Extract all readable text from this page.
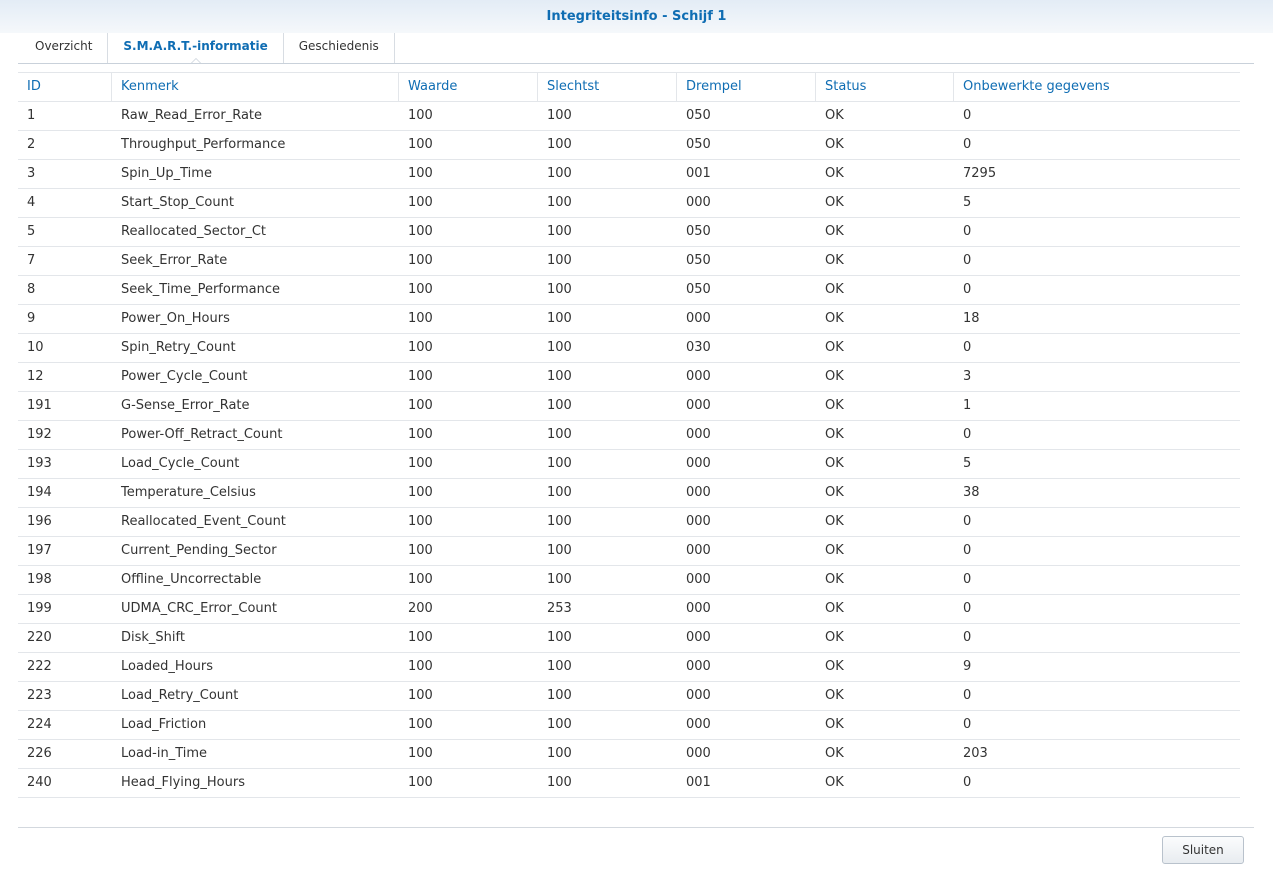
Integriteitsinfo - Schijf 1
Overzicht	S.M.A.R.T.-informatie	Geschiedenis
ID	Kenmerk	Waarde	Slechtst	Drempel	Status	Onbewerkte gegevens
1	Raw_Read_Error_Rate	100	100	050	OK	0
2	Throughput_Performance	100	100	050	OK	0
3	Spin_Up_Time	100	100	001	OK	7295
4	Start_Stop_Count	100	100	000	OK	5
5	Reallocated_Sector_Ct	100	100	050	OK	0
7	Seek_Error_Rate	100	100	050	OK	0
8	Seek_Time_Performance	100	100	050	OK	0
9	Power_On_Hours	100	100	000	OK	18
10	Spin_Retry_Count	100	100	030	OK	0
12	Power_Cycle_Count	100	100	000	OK	3
191	G-Sense_Error_Rate	100	100	000	OK	1
192	Power-Off_Retract_Count	100	100	000	OK	0
193	Load_Cycle_Count	100	100	000	OK	5
194	Temperature_Celsius	100	100	000	OK	38
196	Reallocated_Event_Count	100	100	000	OK	0
197	Current_Pending_Sector	100	100	000	OK	0
198	Offline_Uncorrectable	100	100	000	OK	0
199	UDMA_CRC_Error_Count	200	253	000	OK	0
220	Disk_Shift	100	100	000	OK	0
222	Loaded_Hours	100	100	000	OK	9
223	Load_Retry_Count	100	100	000	OK	0
224	Load_Friction	100	100	000	OK	0
226	Load-in_Time	100	100	000	OK	203
240	Head_Flying_Hours	100	100	001	OK	0
Sluiten
